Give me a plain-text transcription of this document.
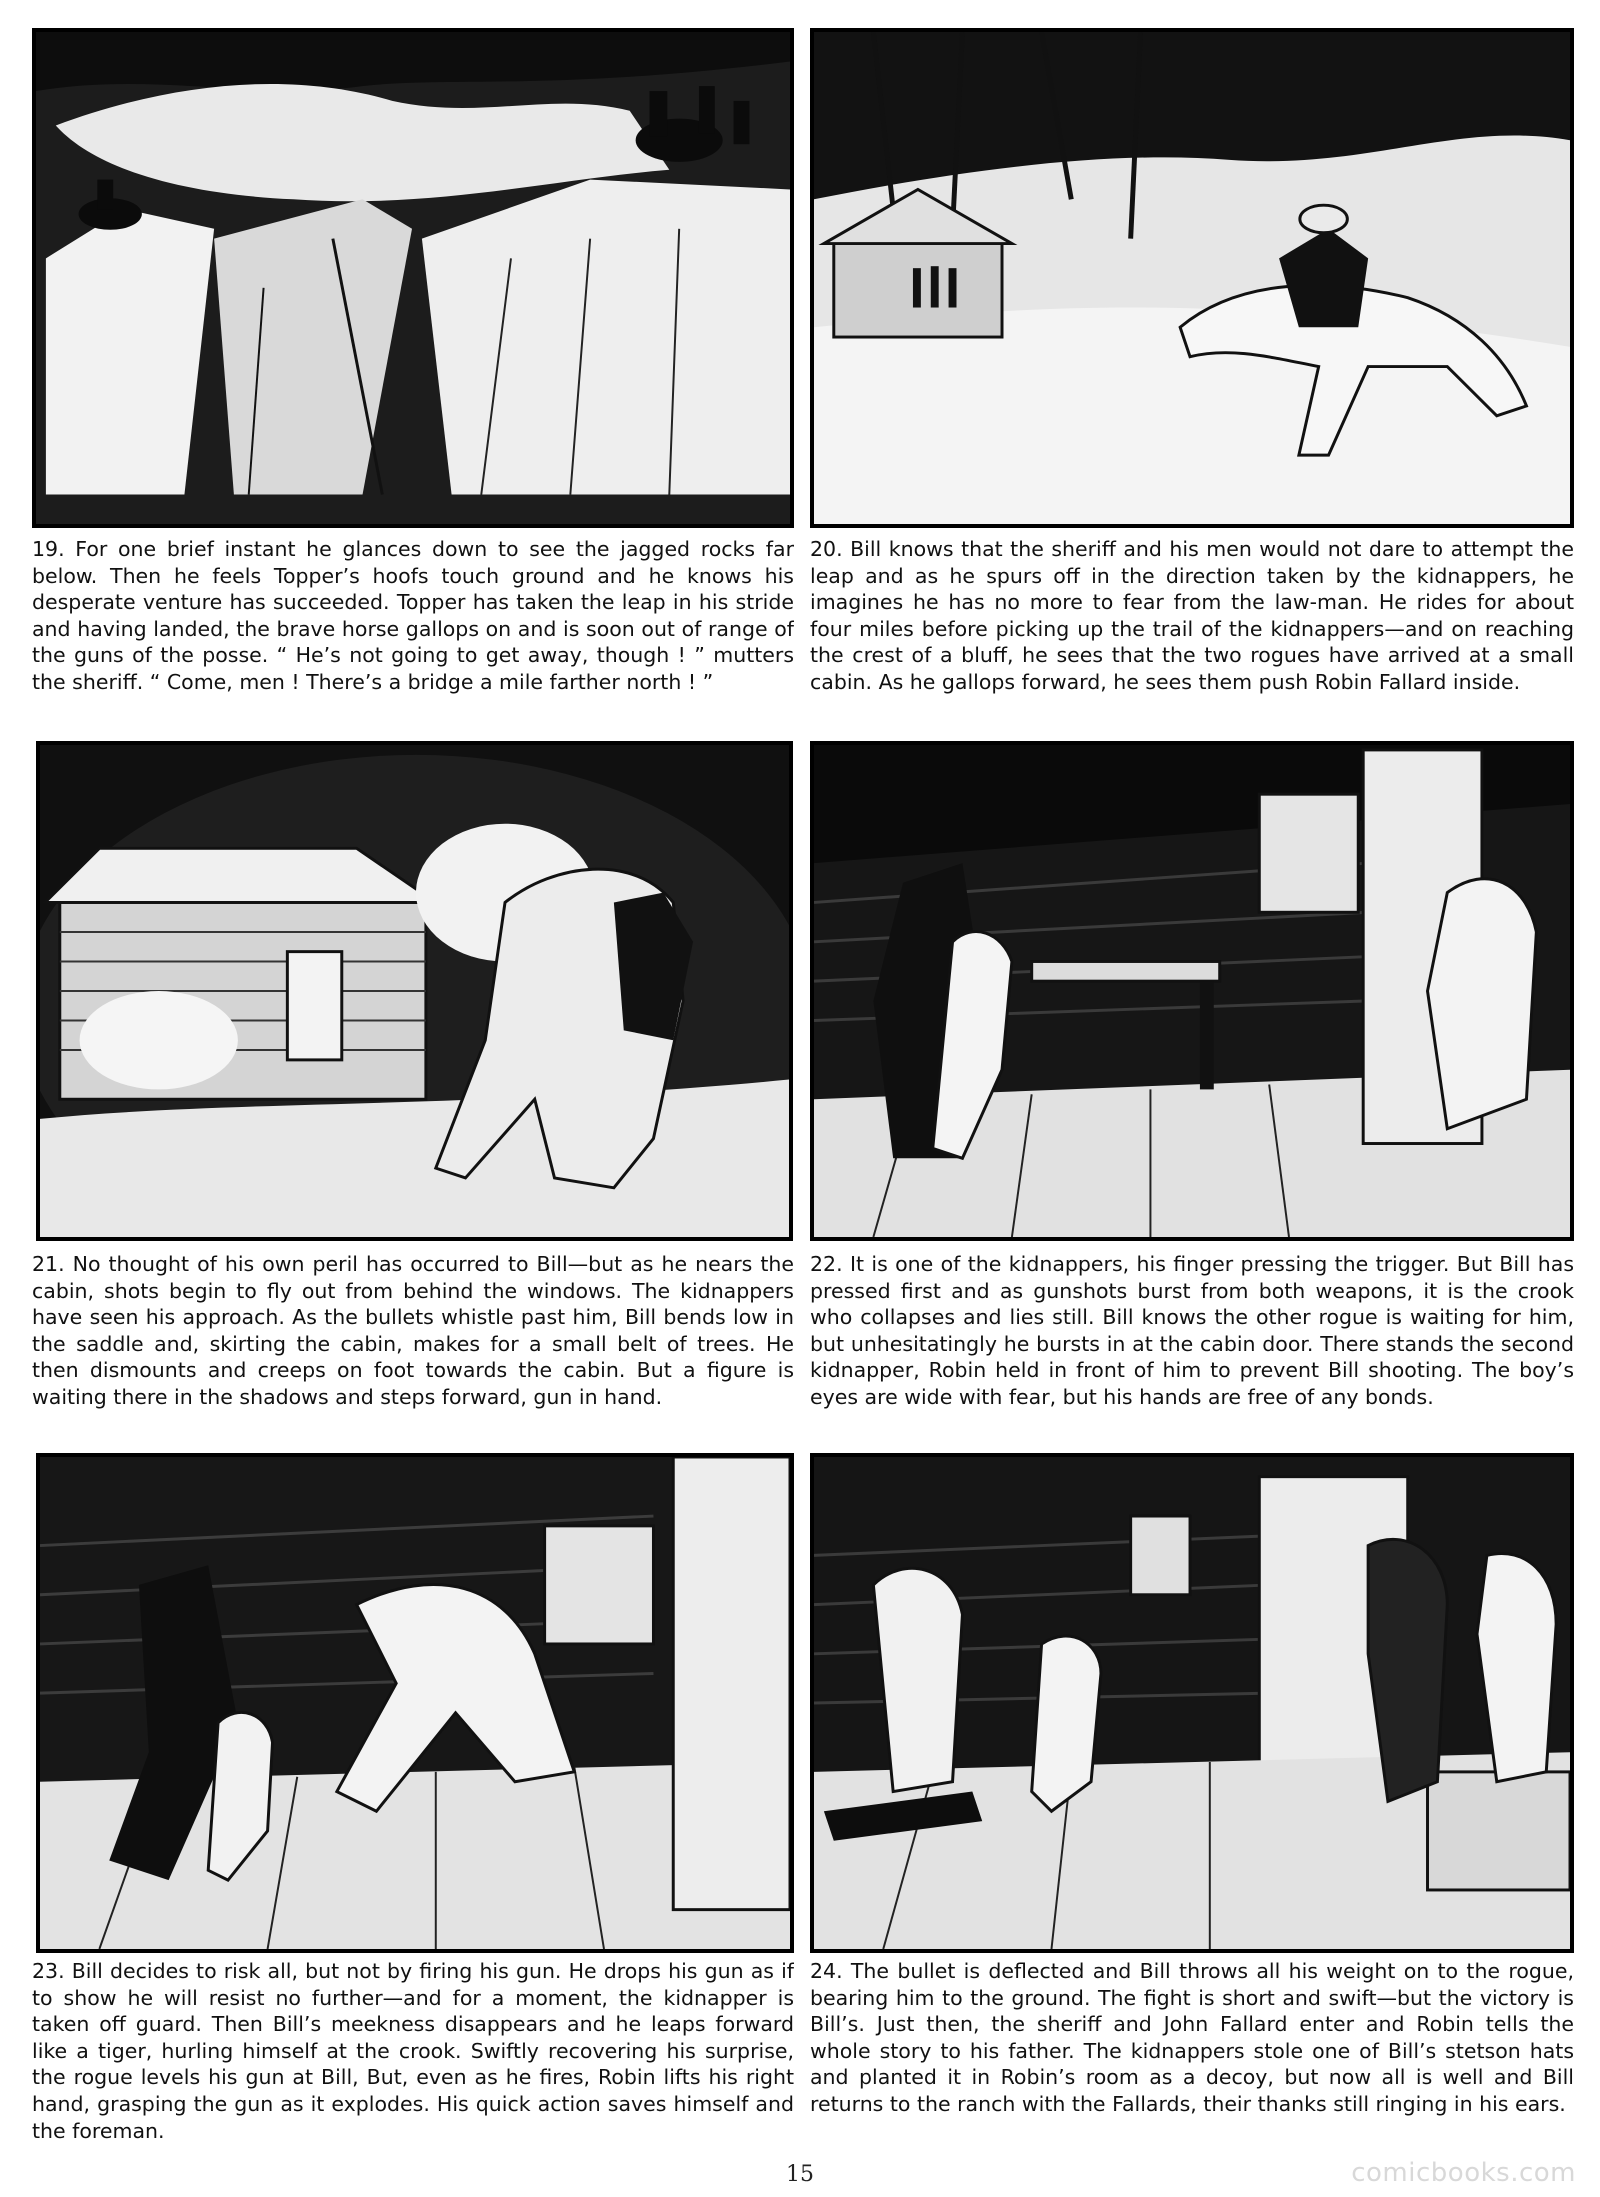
19. For one brief instant he glances down to see the jagged rocks far below. Then he feels Topper’s hoofs touch ground and he knows his desperate venture has succeeded. Topper has taken the leap in his stride and having landed, the brave horse gallops on and is soon out of range of the guns of the posse. “ He’s not going to get away, though ! ” mutters the sheriff. “ Come, men ! There’s a bridge a mile farther north ! ”
20. Bill knows that the sheriff and his men would not dare to attempt the leap and as he spurs off in the direction taken by the kidnappers, he imagines he has no more to fear from the law-man. He rides for about four miles before picking up the trail of the kidnappers—and on reaching the crest of a bluff, he sees that the two rogues have arrived at a small cabin. As he gallops forward, he sees them push Robin Fallard inside.
21. No thought of his own peril has occurred to Bill—but as he nears the cabin, shots begin to fly out from behind the windows. The kidnappers have seen his approach. As the bullets whistle past him, Bill bends low in the saddle and, skirting the cabin, makes for a small belt of trees. He then dismounts and creeps on foot towards the cabin. But a figure is waiting there in the shadows and steps forward, gun in hand.
22. It is one of the kidnappers, his finger pressing the trigger. But Bill has pressed first and as gunshots burst from both weapons, it is the crook who collapses and lies still. Bill knows the other rogue is waiting for him, but unhesitatingly he bursts in at the cabin door. There stands the second kidnapper, Robin held in front of him to prevent Bill shooting. The boy’s eyes are wide with fear, but his hands are free of any bonds.
23. Bill decides to risk all, but not by firing his gun. He drops his gun as if to show he will resist no further—and for a moment, the kidnapper is taken off guard. Then Bill’s meekness disappears and he leaps forward like a tiger, hurling himself at the crook. Swiftly recovering his surprise, the rogue levels his gun at Bill, But, even as he fires, Robin lifts his right hand, grasping the gun as it explodes. His quick action saves himself and the foreman.
24. The bullet is deflected and Bill throws all his weight on to the rogue, bearing him to the ground. The fight is short and swift—but the victory is Bill’s. Just then, the sheriff and John Fallard enter and Robin tells the whole story to his father. The kidnappers stole one of Bill’s stetson hats and planted it in Robin’s room as a decoy, but now all is well and Bill returns to the ranch with the Fallards, their thanks still ringing in his ears.
15	comicbooks.com
